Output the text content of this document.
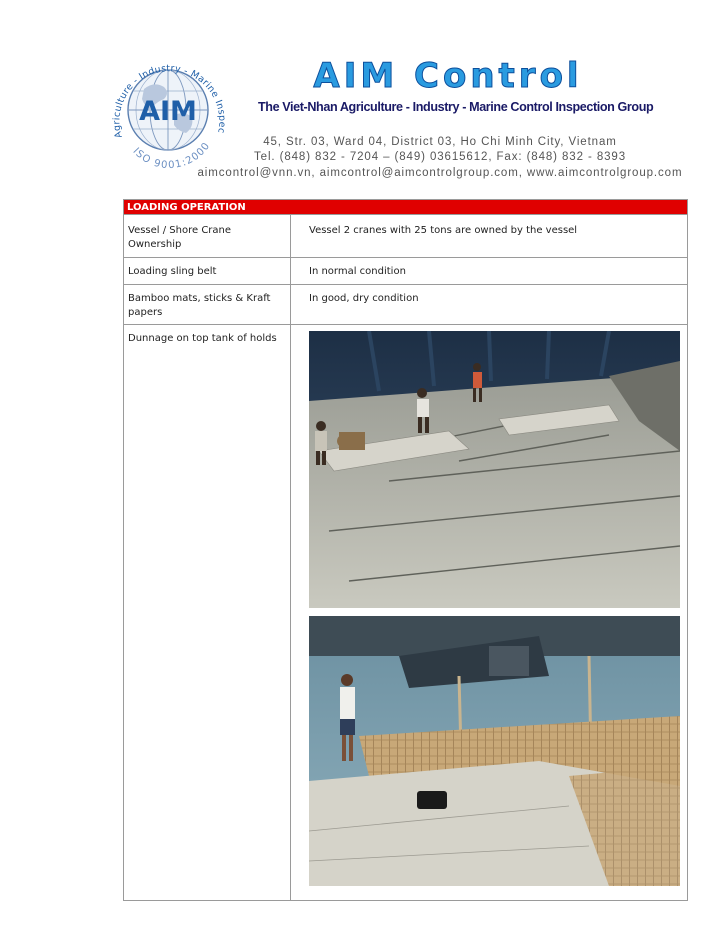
AIM
Agriculture - Industry - Marine Inspec
ISO 9001:2000
AIM Control
The Viet-Nhan Agriculture - Industry - Marine Control Inspection Group
45, Str. 03, Ward 04, District 03, Ho Chi Minh City, Vietnam
Tel. (848) 832 - 7204 – (849) 03615612, Fax: (848) 832 - 8393
aimcontrol@vnn.vn, aimcontrol@aimcontrolgroup.com, www.aimcontrolgroup.com
LOADING OPERATION
Vessel / Shore Crane Ownership
Vessel 2 cranes with 25 tons are owned by the vessel
Loading sling belt	In normal condition
Bamboo mats, sticks & Kraft papers
In good, dry condition
Dunnage on top tank of holds
